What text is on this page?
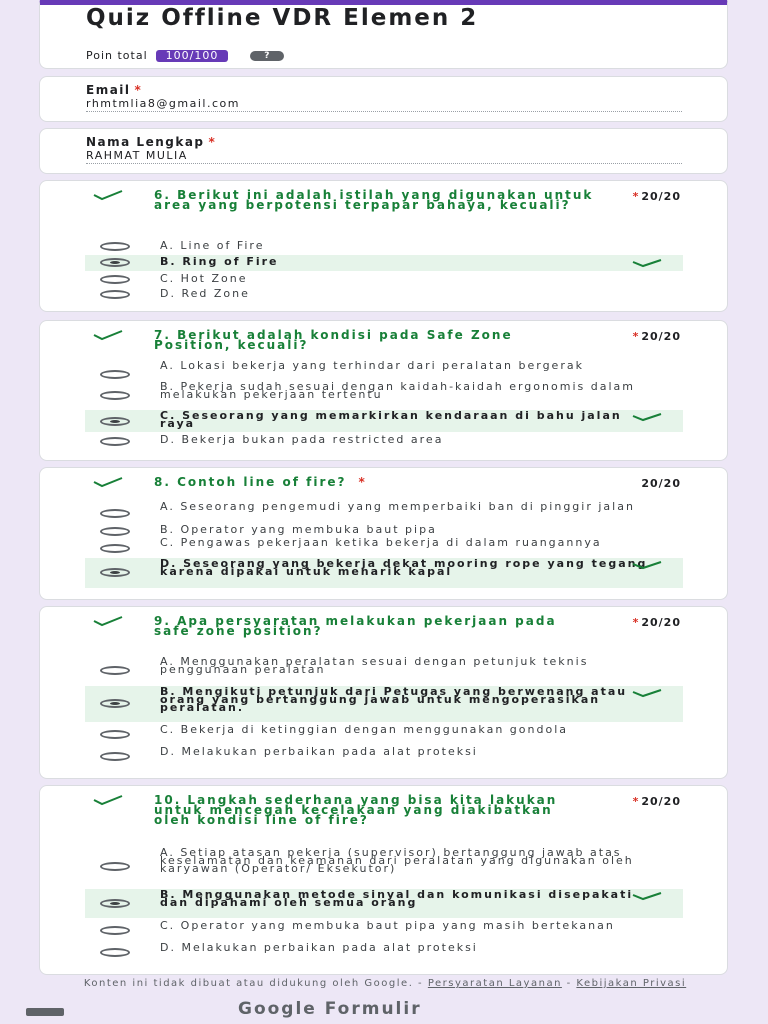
Quiz Offline VDR Elemen 2
Poin total	100/100	?
Email *
rhmtmlia8@gmail.com
Nama Lengkap *
RAHMAT MULIA
6. Berikut ini adalah istilah yang digunakan untuk area yang berpotensi terpapar bahaya, kecuali?
* 20/20
A. Line of Fire
B. Ring of Fire
C. Hot Zone
D. Red Zone
7. Berikut adalah kondisi pada Safe Zone Position, kecuali?
* 20/20
A. Lokasi bekerja yang terhindar dari peralatan bergerak
B. Pekerja sudah sesuai dengan kaidah-kaidah ergonomis dalam melakukan pekerjaan tertentu
C. Seseorang yang memarkirkan kendaraan di bahu jalan raya
D. Bekerja bukan pada restricted area
8. Contoh line of fire? *	20/20
A. Seseorang pengemudi yang memperbaiki ban di pinggir jalan
B. Operator yang membuka baut pipa
C. Pengawas pekerjaan ketika bekerja di dalam ruangannya
D. Seseorang yang bekerja dekat mooring rope yang tegang karena dipakai untuk menarik kapal
9. Apa persyaratan melakukan pekerjaan pada safe zone position?
* 20/20
A. Menggunakan peralatan sesuai dengan petunjuk teknis penggunaan peralatan
B. Mengikuti petunjuk dari Petugas yang berwenang atau orang yang bertanggung jawab untuk mengoperasikan peralatan.
C. Bekerja di ketinggian dengan menggunakan gondola
D. Melakukan perbaikan pada alat proteksi
10. Langkah sederhana yang bisa kita lakukan untuk mencegah kecelakaan yang diakibatkan oleh kondisi line of fire?
* 20/20
A. Setiap atasan pekerja (supervisor) bertanggung jawab atas keselamatan dan keamanan dari peralatan yang digunakan oleh karyawan (Operator/ Eksekutor)
B. Menggunakan metode sinyal dan komunikasi disepakati dan dipahami oleh semua orang
C. Operator yang membuka baut pipa yang masih bertekanan
D. Melakukan perbaikan pada alat proteksi
Konten ini tidak dibuat atau didukung oleh Google. - Persyaratan Layanan - Kebijakan Privasi
Google Formulir
